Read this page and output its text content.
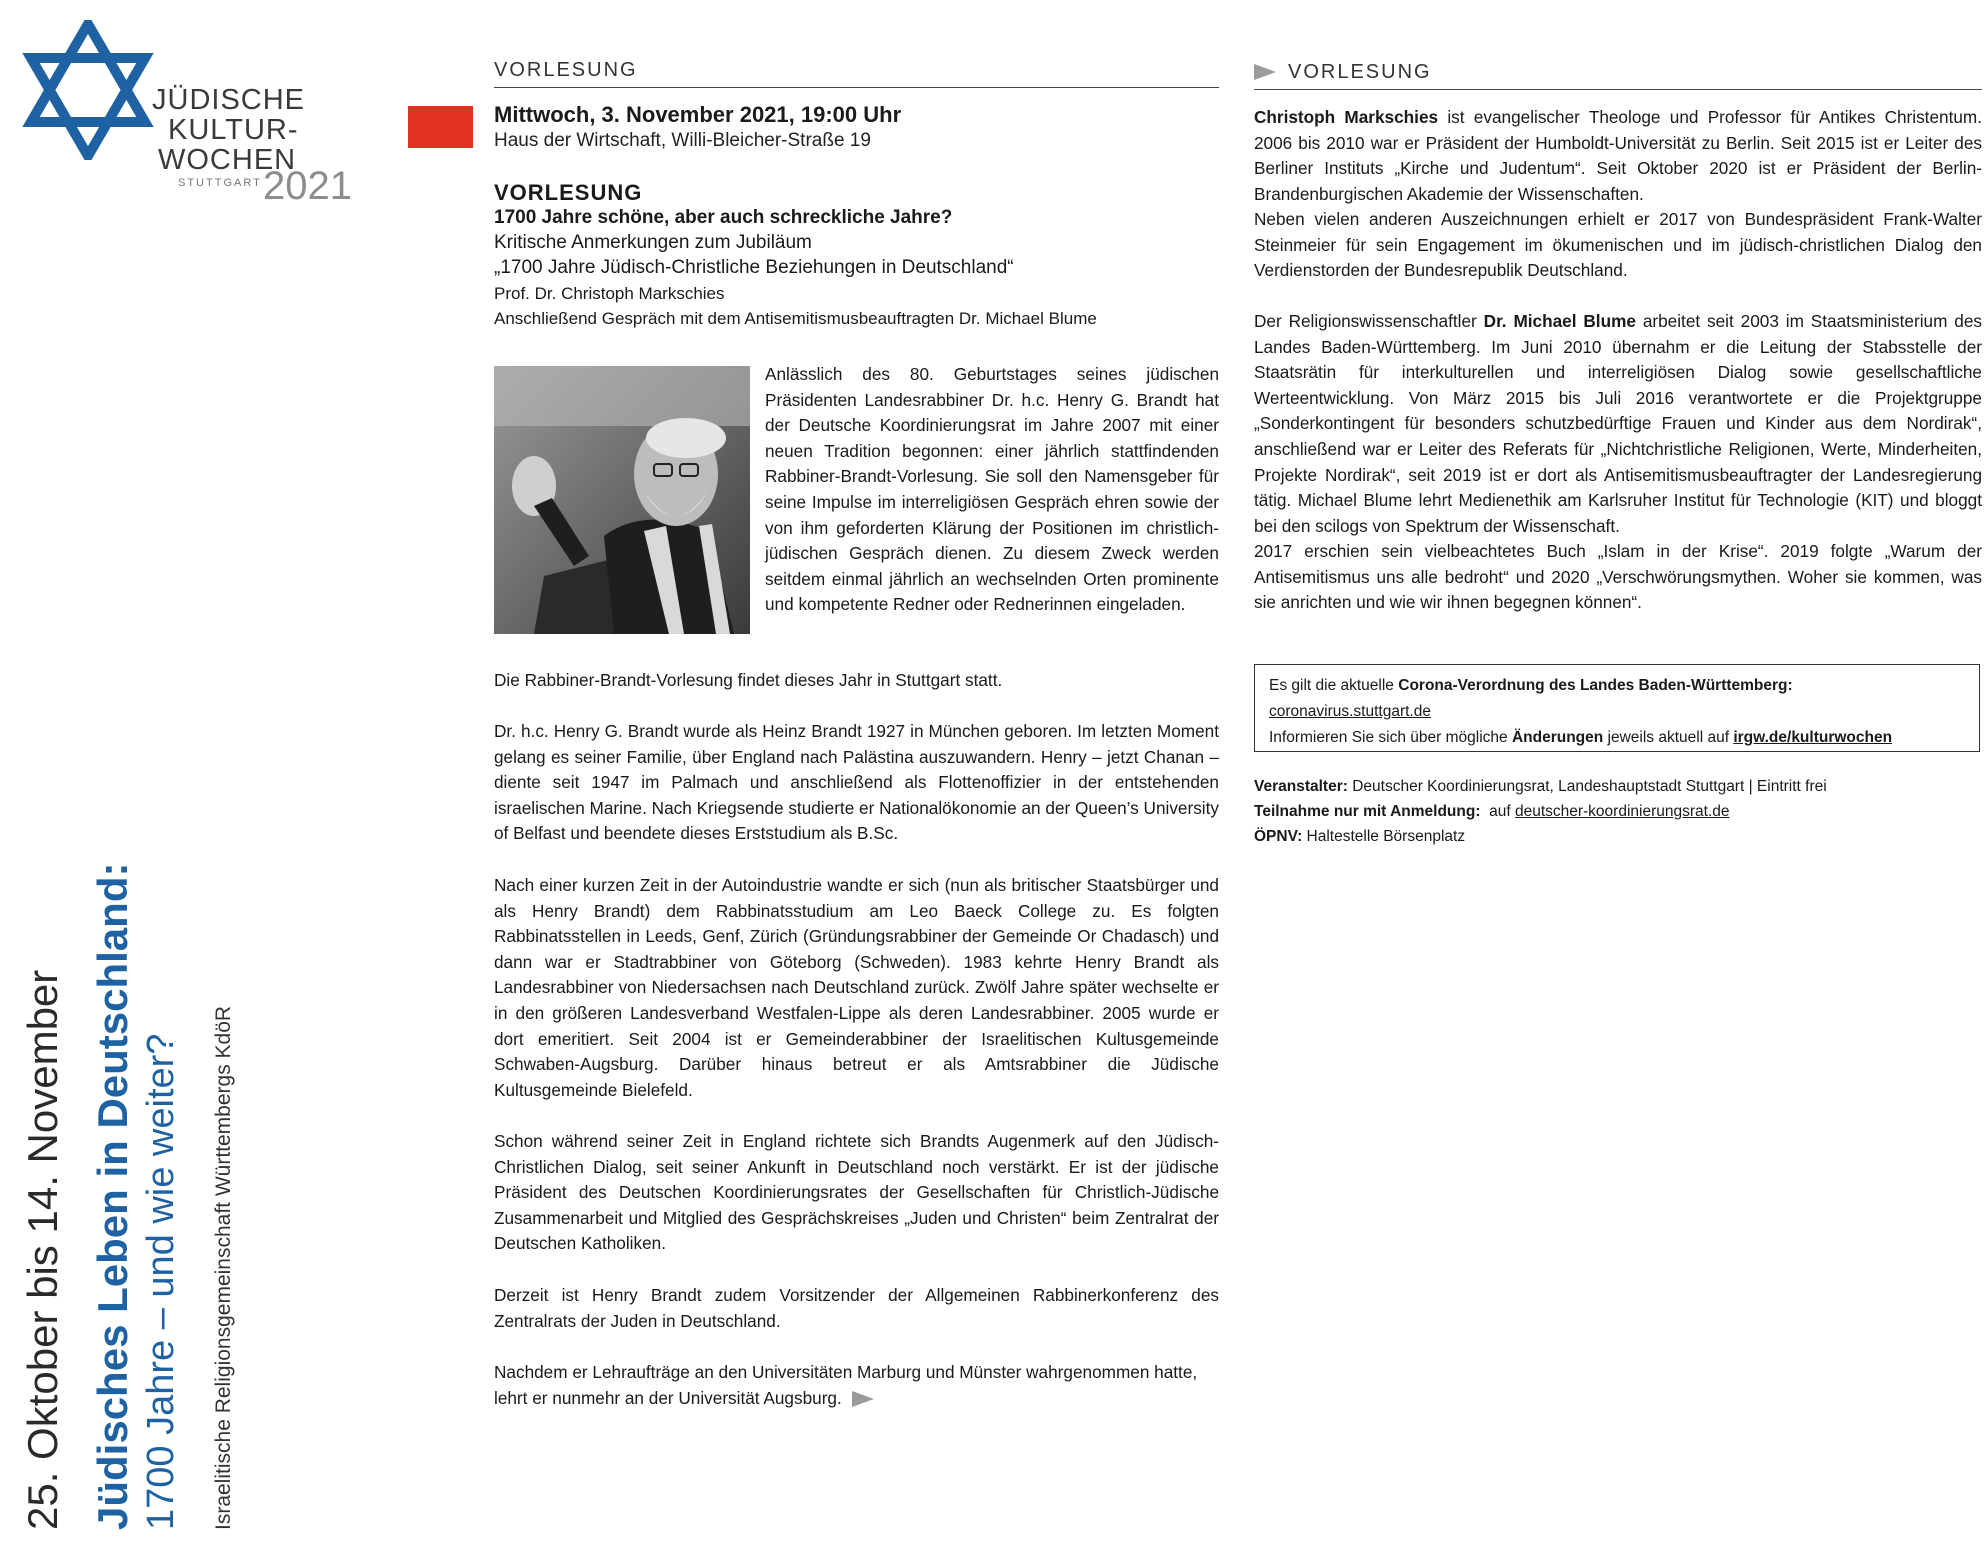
JÜDISCHE
KULTUR-
WOCHEN
STUTTGART 2021
25. Oktober bis 14. November Jüdisches Leben in Deutschland: 1700 Jahre – und wie weiter? Israelitische Religionsgemeinschaft Württembergs KdöR
VORLESUNG
Mittwoch, 3. November 2021, 19:00 Uhr
Haus der Wirtschaft, Willi-Bleicher-Straße 19
VORLESUNG
1700 Jahre schöne, aber auch schreckliche Jahre?
Kritische Anmerkungen zum Jubiläum
„1700 Jahre Jüdisch-Christliche Beziehungen in Deutschland“
Prof. Dr. Christoph Markschies
Anschließend Gespräch mit dem Antisemitismusbeauftragten Dr. Michael Blume
Anlässlich des 80. Geburtstages seines jüdischen Präsidenten Landesrabbiner Dr. h.c. Henry G. Brandt hat der Deutsche Koordinierungsrat im Jahre 2007 mit einer neuen Tradition begonnen: einer jährlich stattfindenden Rabbiner-Brandt-Vorlesung. Sie soll den Namensgeber für seine Impulse im interreligiösen Gespräch ehren sowie der von ihm geforderten Klärung der Positionen im christlich-jüdischen Gespräch dienen. Zu diesem Zweck werden seitdem einmal jährlich an wechselnden Orten prominente und kompetente Redner oder Rednerinnen eingeladen.
Die Rabbiner-Brandt-Vorlesung findet dieses Jahr in Stuttgart statt.
Dr. h.c. Henry G. Brandt wurde als Heinz Brandt 1927 in München geboren. Im letzten Moment gelang es seiner Familie, über England nach Palästina auszuwandern. Henry – jetzt Chanan – diente seit 1947 im Palmach und anschließend als Flottenoffizier in der entstehenden israelischen Marine. Nach Kriegsende studierte er Nationalökonomie an der Queen’s University of Belfast und beendete dieses Erststudium als B.Sc.
Nach einer kurzen Zeit in der Autoindustrie wandte er sich (nun als britischer Staatsbürger und als Henry Brandt) dem Rabbinatsstudium am Leo Baeck College zu. Es folgten Rabbinatsstellen in Leeds, Genf, Zürich (Gründungsrabbiner der Gemeinde Or Chadasch) und dann war er Stadtrabbiner von Göteborg (Schweden). 1983 kehrte Henry Brandt als Landesrabbiner von Niedersachsen nach Deutschland zurück. Zwölf Jahre später wechselte er in den größeren Landesverband Westfalen-Lippe als deren Landesrabbiner. 2005 wurde er dort emeritiert. Seit 2004 ist er Gemeinderabbiner der Israelitischen Kultusgemeinde Schwaben-Augsburg. Darüber hinaus betreut er als Amtsrabbiner die Jüdische Kultusgemeinde Bielefeld.
Schon während seiner Zeit in England richtete sich Brandts Augenmerk auf den Jüdisch-Christlichen Dialog, seit seiner Ankunft in Deutschland noch verstärkt. Er ist der jüdische Präsident des Deutschen Koordinierungsrates der Gesellschaften für Christlich-Jüdische Zusammenarbeit und Mitglied des Gesprächskreises „Juden und Christen“ beim Zentralrat der Deutschen Katholiken.
Derzeit ist Henry Brandt zudem Vorsitzender der Allgemeinen Rabbinerkonferenz des Zentralrats der Juden in Deutschland.
Nachdem er Lehraufträge an den Universitäten Marburg und Münster wahrgenommen hatte, lehrt er nunmehr an der Universität Augsburg.
VORLESUNG
Christoph Markschies ist evangelischer Theologe und Professor für Antikes Christentum. 2006 bis 2010 war er Präsident der Humboldt-Universität zu Berlin. Seit 2015 ist er Leiter des Berliner Instituts „Kirche und Judentum“. Seit Oktober 2020 ist er Präsident der Berlin-Brandenburgischen Akademie der Wissenschaften.
Neben vielen anderen Auszeichnungen erhielt er 2017 von Bundespräsident Frank-Walter Steinmeier für sein Engagement im ökumenischen und im jüdisch-christlichen Dialog den Verdienstorden der Bundesrepublik Deutschland.
Der Religionswissenschaftler Dr. Michael Blume arbeitet seit 2003 im Staatsministerium des Landes Baden-Württemberg. Im Juni 2010 übernahm er die Leitung der Stabsstelle der Staatsrätin für interkulturellen und interreligiösen Dialog sowie gesellschaftliche Werteentwicklung. Von März 2015 bis Juli 2016 verantwortete er die Projektgruppe „Sonderkontingent für besonders schutzbedürftige Frauen und Kinder aus dem Nordirak“, anschließend war er Leiter des Referats für „Nichtchristliche Religionen, Werte, Minderheiten, Projekte Nordirak“, seit 2019 ist er dort als Antisemitismusbeauftragter der Landesregierung tätig. Michael Blume lehrt Medienethik am Karlsruher Institut für Technologie (KIT) und bloggt bei den scilogs von Spektrum der Wissenschaft.
2017 erschien sein vielbeachtetes Buch „Islam in der Krise“. 2019 folgte „Warum der Antisemitismus uns alle bedroht“ und 2020 „Verschwörungsmythen. Woher sie kommen, was sie anrichten und wie wir ihnen begegnen können“.
Es gilt die aktuelle Corona-Verordnung des Landes Baden-Württemberg:
coronavirus.stuttgart.de
Informieren Sie sich über mögliche Änderungen jeweils aktuell auf irgw.de/kulturwochen
Veranstalter: Deutscher Koordinierungsrat, Landeshauptstadt Stuttgart | Eintritt frei
Teilnahme nur mit Anmeldung:  auf deutscher-koordinierungsrat.de
ÖPNV: Haltestelle Börsenplatz
